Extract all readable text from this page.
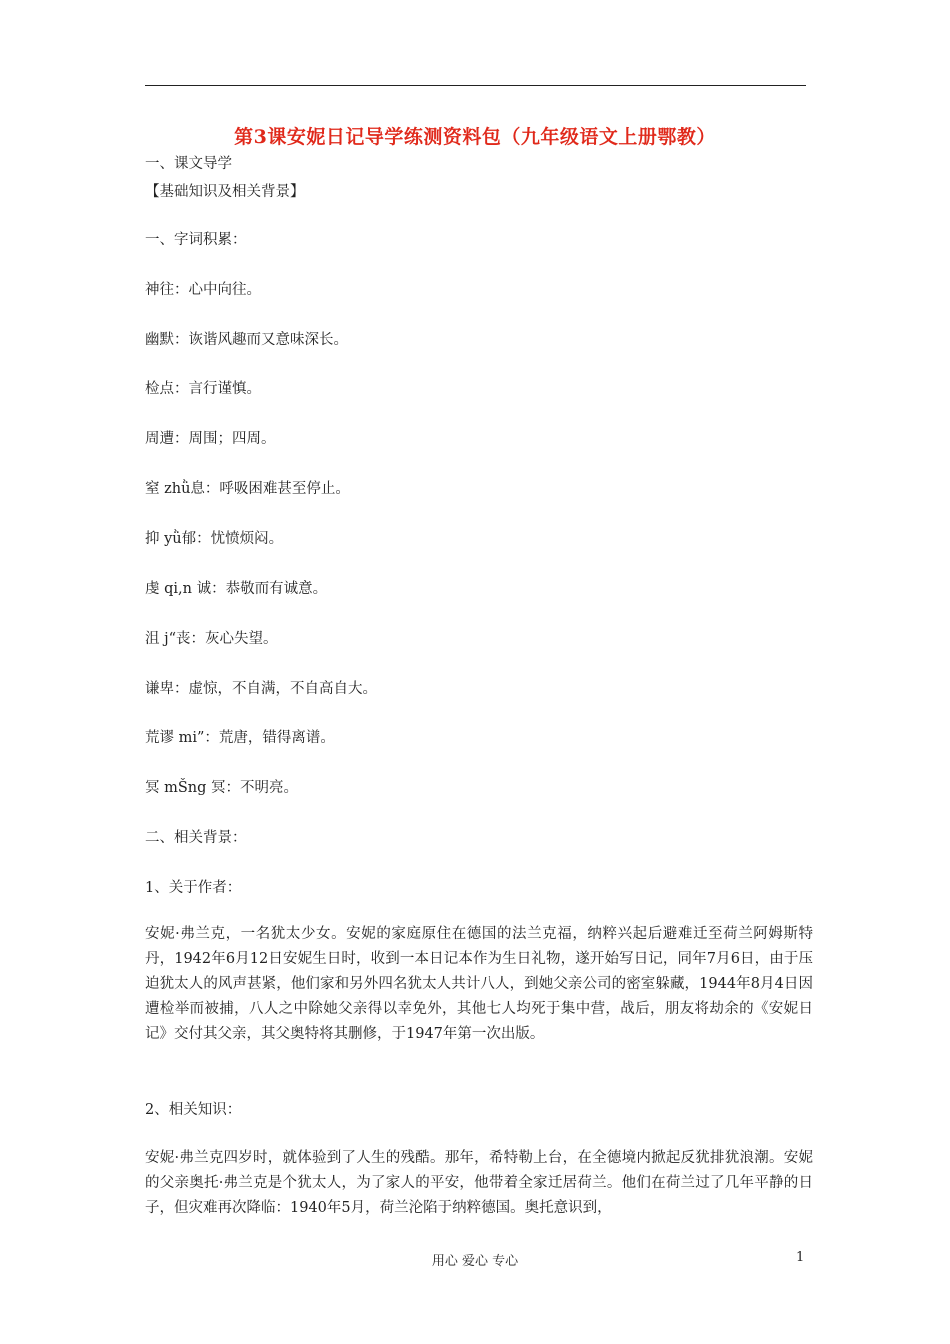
第3课安妮日记导学练测资料包（九年级语文上册鄂教）
一、课文导学
【基础知识及相关背景】
一、字词积累：
神往：心中向往。
幽默：诙谐风趣而又意味深长。
检点：言行谨慎。
周遭：周围；四周。
窒 zhǜ息：呼吸困难甚至停止。
抑 yǜ郁：忧愤烦闷。
虔 qi,n 诚：恭敬而有诚意。
沮 j“丧：灰心失望。
谦卑：虚惊，不自满，不自高自大。
荒谬 mi”：荒唐，错得离谱。
冥 mŠng 冥：不明亮。
二、相关背景：
1、关于作者：
安妮·弗兰克，一名犹太少女。安妮的家庭原住在德国的法兰克福，纳粹兴起后避难迁至荷兰阿姆斯特丹，1942年6月12日安妮生日时，收到一本日记本作为生日礼物，遂开始写日记，同年7月6日，由于压迫犹太人的风声甚紧，他们家和另外四名犹太人共计八人，到她父亲公司的密室躲藏，1944年8月4日因遭检举而被捕，八人之中除她父亲得以幸免外，其他七人均死于集中营，战后，朋友将劫余的《安妮日记》交付其父亲，其父奥特将其删修，于1947年第一次出版。
2、相关知识：
安妮·弗兰克四岁时，就体验到了人生的残酷。那年，希特勒上台，在全德境内掀起反犹排犹浪潮。安妮的父亲奥托·弗兰克是个犹太人，为了家人的平安，他带着全家迁居荷兰。他们在荷兰过了几年平静的日子，但灾难再次降临：1940年5月，荷兰沦陷于纳粹德国。奥托意识到，
用心 爱心 专心	1
